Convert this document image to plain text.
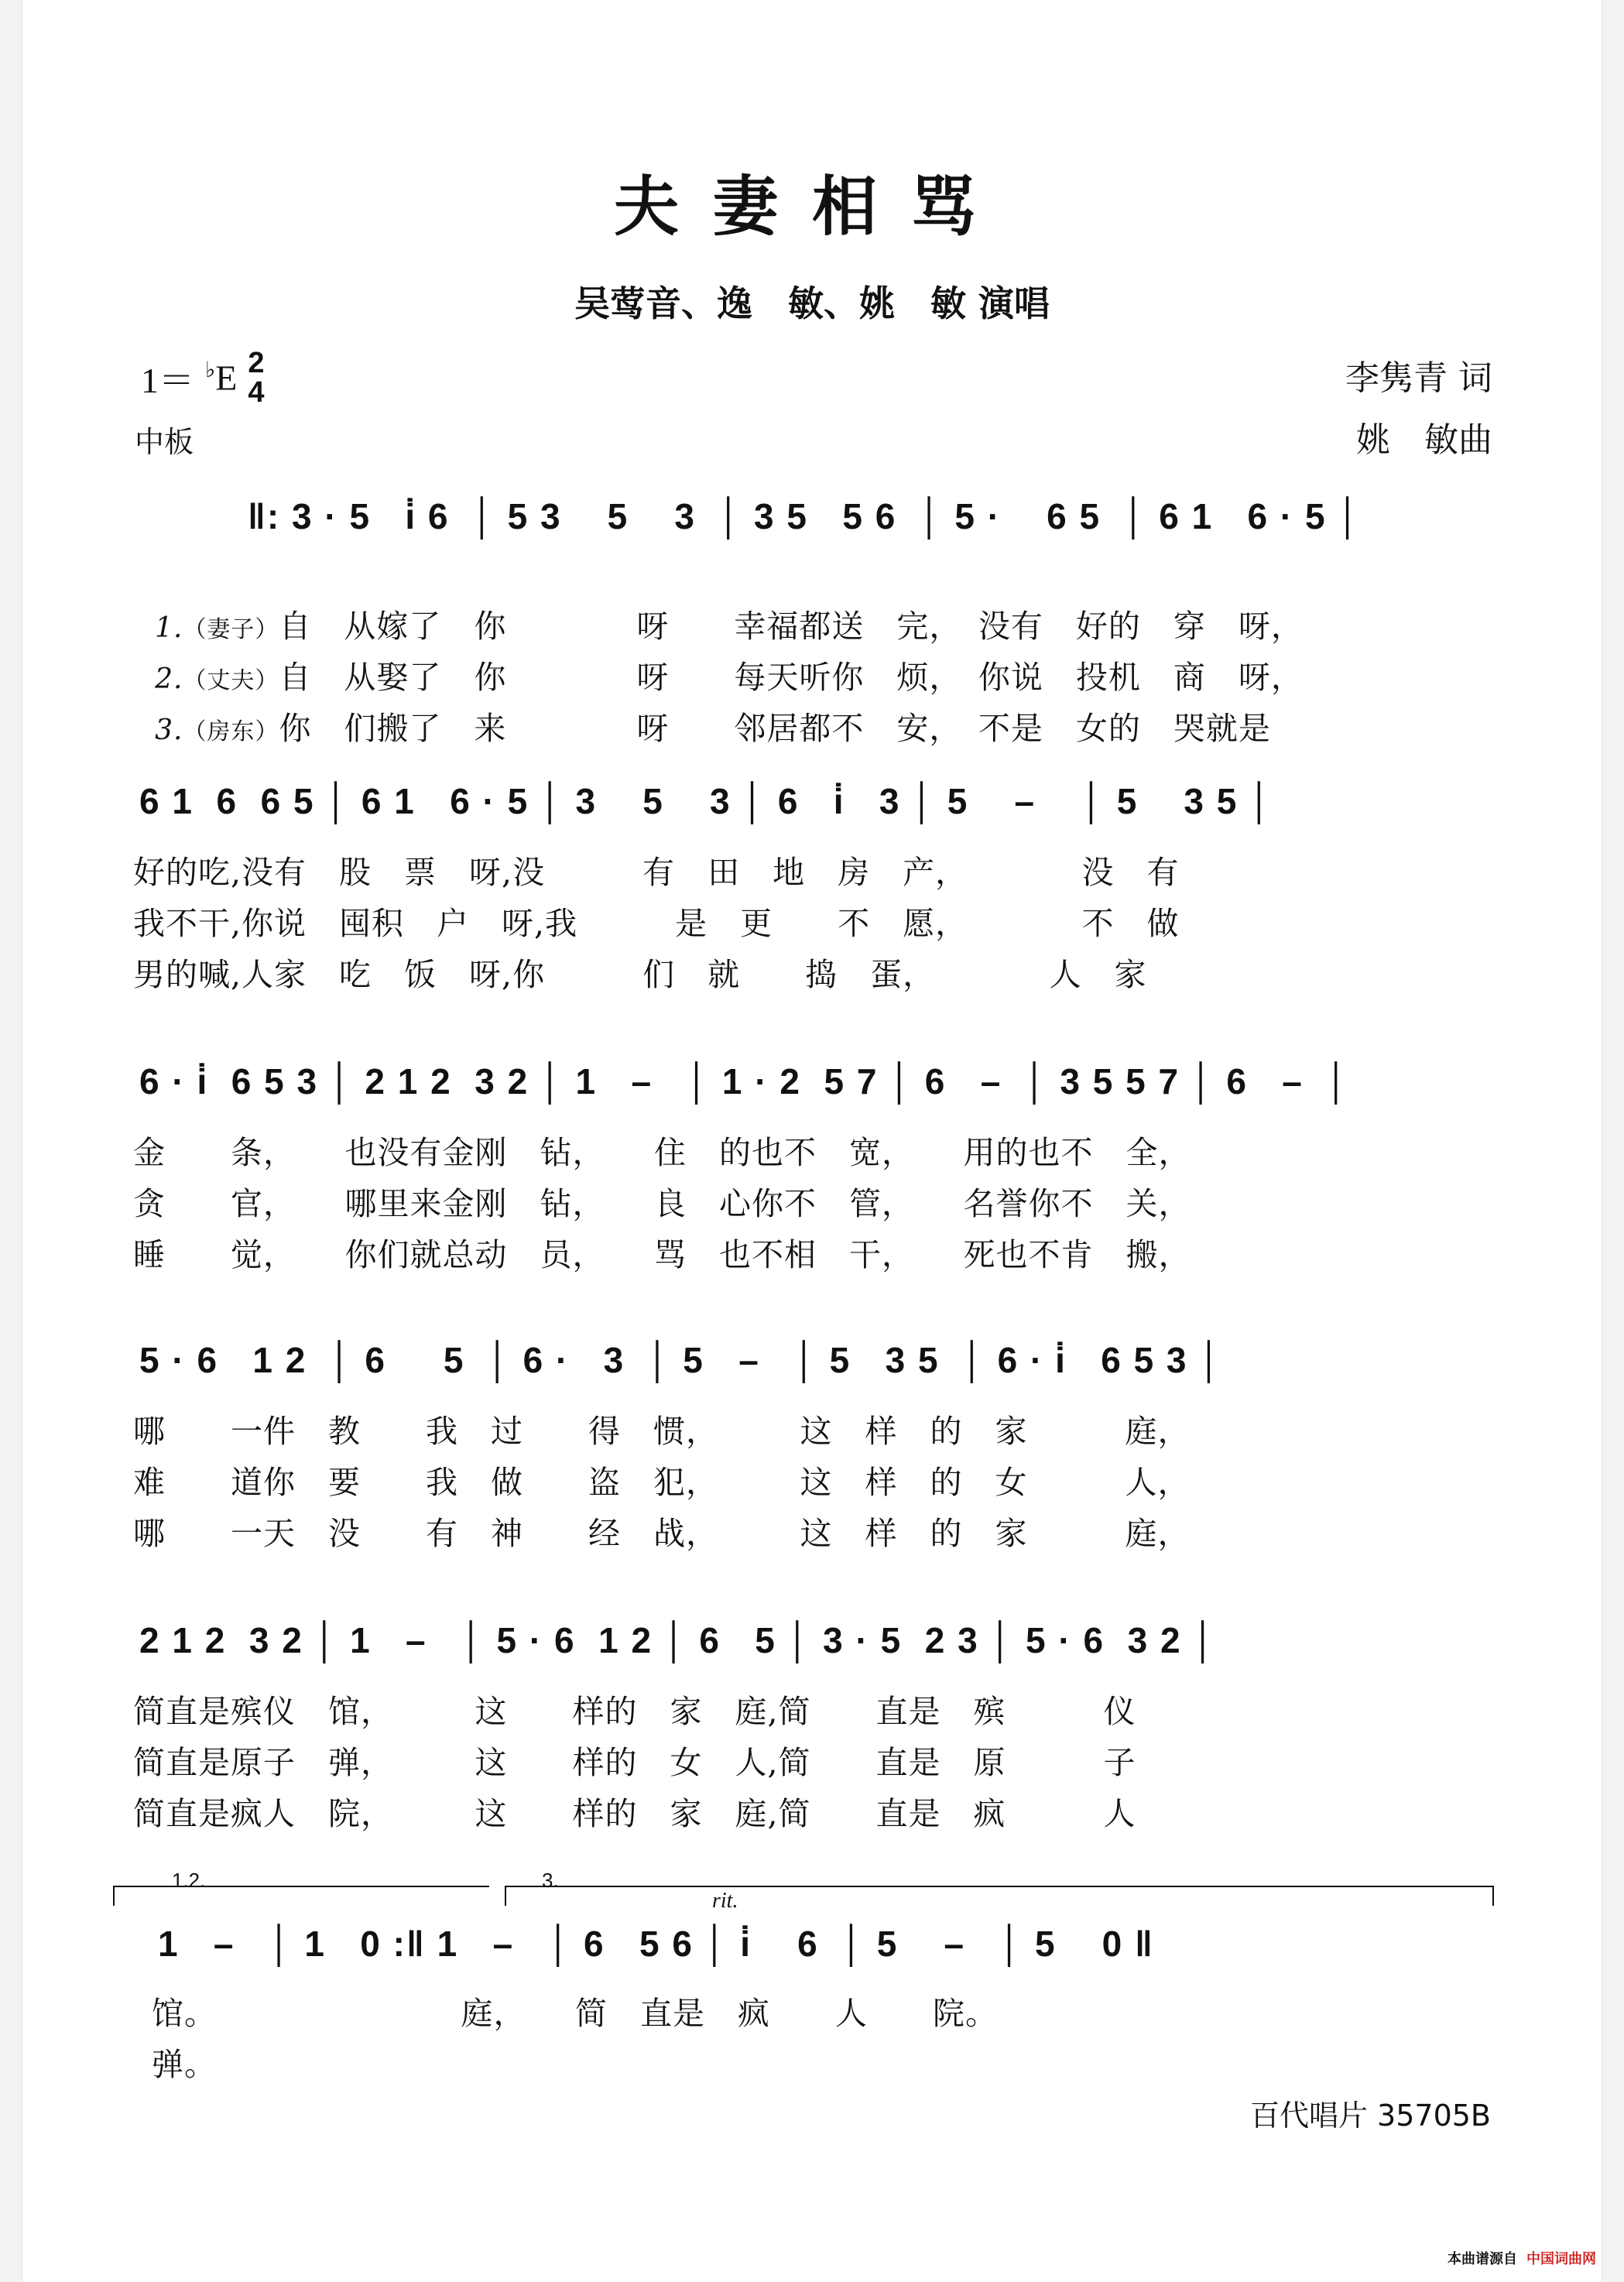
夫妻相骂
吴莺音、逸　敏、姚　敏 演唱
1＝ ♭E 2
4
中板
李隽青 词
姚　敏曲
‖: 3 · 5   i̇ 6  │ 5 3    5    3  │ 3 5   5 6  │ 5 ·    6 5  │ 6 1   6 · 5 │

1.（妻子）自　从嫁了　你　　　　呀　　幸福都送　完，　没有　好的　穿　呀，

2.（丈夫）自　从娶了　你　　　　呀　　每天听你　烦，　你说　投机　商　呀，

3.（房东）你　们搬了　来　　　　呀　　邻居都不　安，　不是　女的　哭就是

6 1  6  6 5 │ 6 1   6 · 5 │ 3    5    3 │ 6   i̇   3 │ 5    –    │ 5    3 5 │
好的吃,没有　股　票　呀,没　　　有　田　地　房　产，　　　　没　有
我不干,你说　囤积　户　呀,我　　　是　更　　不　愿，　　　　不　做
男的喊,人家　吃　饭　呀,你　　　们　就　　捣　蛋，　　　　人　家
6 · i̇  6 5 3 │ 2 1 2  3 2 │ 1   –   │ 1 · 2  5 7 │ 6   –  │ 3 5 5 7 │ 6   –  │
金　　条，　　也没有金刚　钻，　　住　的也不　宽，　　用的也不　全，
贪　　官，　　哪里来金刚　钻，　　良　心你不　管，　　名誉你不　关，
睡　　觉，　　你们就总动　员，　　骂　也不相　干，　　死也不肯　搬，
5 · 6   1 2  │ 6     5  │ 6 ·   3  │ 5   –   │ 5   3 5  │ 6 · i̇   6 5 3 │
哪　　一件　教　　我　过　　得　惯，　　　这　样　的　家　　　庭，
难　　道你　要　　我　做　　盗　犯，　　　这　样　的　女　　　人，
哪　　一天　没　　有　神　　经　战，　　　这　样　的　家　　　庭，
2 1 2  3 2 │ 1   –   │ 5 · 6  1 2 │ 6   5 │ 3 · 5  2 3 │ 5 · 6  3 2 │
简直是殡仪　馆，　　　这　　样的　家　庭,简　　直是　殡　　　仪
简直是原子　弹，　　　这　　样的　女　人,简　　直是　原　　　子
简直是疯人　院，　　　这　　样的　家　庭,简　　直是　疯　　　人
1.2.	3.
rit.
1   –   │ 1   0 :‖ 1   –   │ 6   5 6 │ i̇    6  │ 5    –   │ 5    0 ‖
馆。　　　　　　　　庭，　　简　直是　疯　　人　　院。
弹。
百代唱片 35705B
本曲谱源自 中国词曲网
